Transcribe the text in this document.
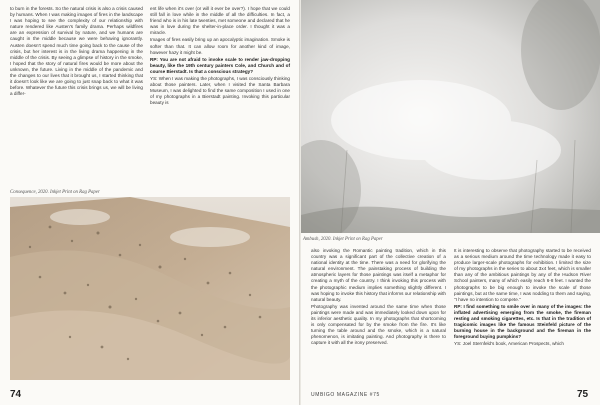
to burn in the forests. So the natural crisis is also a crisis caused by humans. When I was making images of fires in the landscape I was hoping to see the complexity of our relationship with nature rendered like Austen's family drama. Perhaps wildfires are an expression of survival by nature, and we humans are caught in the middle because we were behaving ignorantly. Austen doesn't spend much time going back to the cause of the crisis, but her interest is in the living drama happening in the middle of the crisis. By seeing a glimpse of history in the smoke, I hoped that the story of natural fires would be more about the unknown, the future. Living in the middle of the pandemic and the changes to our lives that it brought us, I started thinking that it doesn't look like we are going to just snap back to what it was before. Whatever the future this crisis brings us, we will be living a differ-

ent life when it's over (or will it ever be over?). I hope that we could still fall in love while in the middle of all the difficulties. In fact, a friend who is in his late twenties, met someone and declared that he was in love during the shelter-in-place order. I thought it was a miracle.

Images of fires easily bring up an apocalyptic imagination. Smoke is softer than that. It can allow room for another kind of image, however hazy it might be.

RP: You are not afraid to invoke scale to render jaw-dropping beauty, like the 19th century painters Cole, and Church and of course Bierstadt. Is that a conscious strategy?

YS: When I was making the photographs, I was consciously thinking about those painters. Later, when I visited the Santa Barbara Museum, I was delighted to find the same composition I used in one of my photographs in a Bierstadt painting. Invoking this particular beauty is

Consequence, 2020. Inkjet Print on Rag Paper
74
Ambush, 2020. Inkjet Print on Rag Paper

also invoking the Romantic painting tradition, which in this country was a significant part of the collective creation of a national identity at the time. There was a need for glorifying the natural environment. The painstaking process of building the atmospheric layers for those paintings was itself a metaphor for creating a myth of the country. I think invoking this process with the photographic medium implies something slightly different. I was hoping to invoke this history that informs our relationship with natural beauty.

Photography was invented around the same time when those paintings were made and was immediately looked down upon for its inferior aesthetic quality. In my photographs that shortcoming is only compensated for by the smoke from the fire. It's like turning the table around and the smoke, which is a natural phenomenon, is imitating painting. And photography is there to capture it with all the irony preserved.

It is interesting to observe that photography started to be received as a serious medium around the time technology made it easy to produce larger-scale photographs for exhibition. I limited the size of my photographs in the series to about 3x4 feet, which is smaller than any of the ambitious paintings by any of the Hudson River School painters, many of which easily reach 6-8 feet. I wanted the photographs to be big enough to invoke the scale of those paintings, but at the same time, I was nodding to them and saying, "I have no intention to compete."

RP: I find something to smile over in many of the images: the inflated advertising emerging from the smoke, the fireman resting and smoking cigarettes, etc. Is that in the tradition of tragicomic images like the famous Steinfeld picture of the burning house in the background and the fireman in the foreground buying pumpkins?

YS: Joel Sternfeld's book, American Prospects, which

UMBIGO MAGAZINE #75	75
